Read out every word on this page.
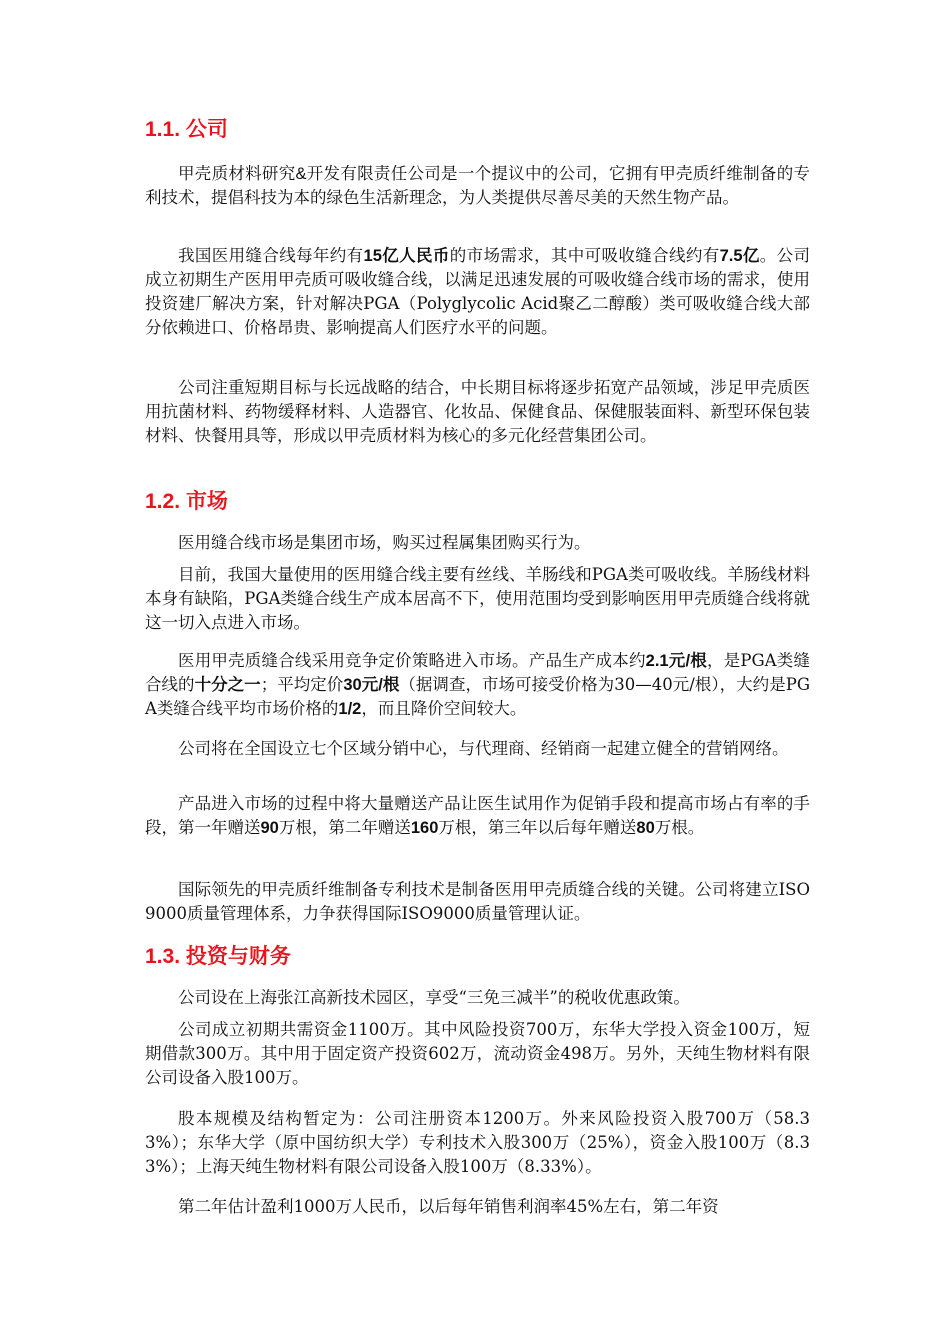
1.1. 公司

甲壳质材料研究&开发有限责任公司是一个提议中的公司，它拥有甲壳质纤维制备的专利技术，提倡科技为本的绿色生活新理念，为人类提供尽善尽美的天然生物产品。

我国医用缝合线每年约有15亿人民币的市场需求，其中可吸收缝合线约有7.5亿。公司成立初期生产医用甲壳质可吸收缝合线，以满足迅速发展的可吸收缝合线市场的需求，使用投资建厂解决方案，针对解决PGA（Polyglycolic Acid聚乙二醇酸）类可吸收缝合线大部分依赖进口、价格昂贵、影响提高人们医疗水平的问题。

公司注重短期目标与长远战略的结合，中长期目标将逐步拓宽产品领域，涉足甲壳质医用抗菌材料、药物缓释材料、人造器官、化妆品、保健食品、保健服装面料、新型环保包装材料、快餐用具等，形成以甲壳质材料为核心的多元化经营集团公司。

1.2. 市场

医用缝合线市场是集团市场，购买过程属集团购买行为。

目前，我国大量使用的医用缝合线主要有丝线、羊肠线和PGA类可吸收线。羊肠线材料本身有缺陷，PGA类缝合线生产成本居高不下，使用范围均受到影响医用甲壳质缝合线将就这一切入点进入市场。

医用甲壳质缝合线采用竞争定价策略进入市场。产品生产成本约2.1元/根，是PGA类缝合线的十分之一；平均定价30元/根（据调查，市场可接受价格为30—40元/根），大约是PGA类缝合线平均市场价格的1/2，而且降价空间较大。

公司将在全国设立七个区域分销中心，与代理商、经销商一起建立健全的营销网络。

产品进入市场的过程中将大量赠送产品让医生试用作为促销手段和提高市场占有率的手段，第一年赠送90万根，第二年赠送160万根，第三年以后每年赠送80万根。

国际领先的甲壳质纤维制备专利技术是制备医用甲壳质缝合线的关键。公司将建立ISO9000质量管理体系，力争获得国际ISO9000质量管理认证。

1.3. 投资与财务

公司设在上海张江高新技术园区，享受“三免三减半”的税收优惠政策。

公司成立初期共需资金1100万。其中风险投资700万，东华大学投入资金100万，短期借款300万。其中用于固定资产投资602万，流动资金498万。另外，天纯生物材料有限公司设备入股100万。

股本规模及结构暂定为：公司注册资本1200万。外来风险投资入股700万（58.33%）；东华大学（原中国纺织大学）专利技术入股300万（25%），资金入股100万（8.33%）；上海天纯生物材料有限公司设备入股100万（8.33%）。

第二年估计盈利1000万人民币，以后每年销售利润率45%左右，第二年资
